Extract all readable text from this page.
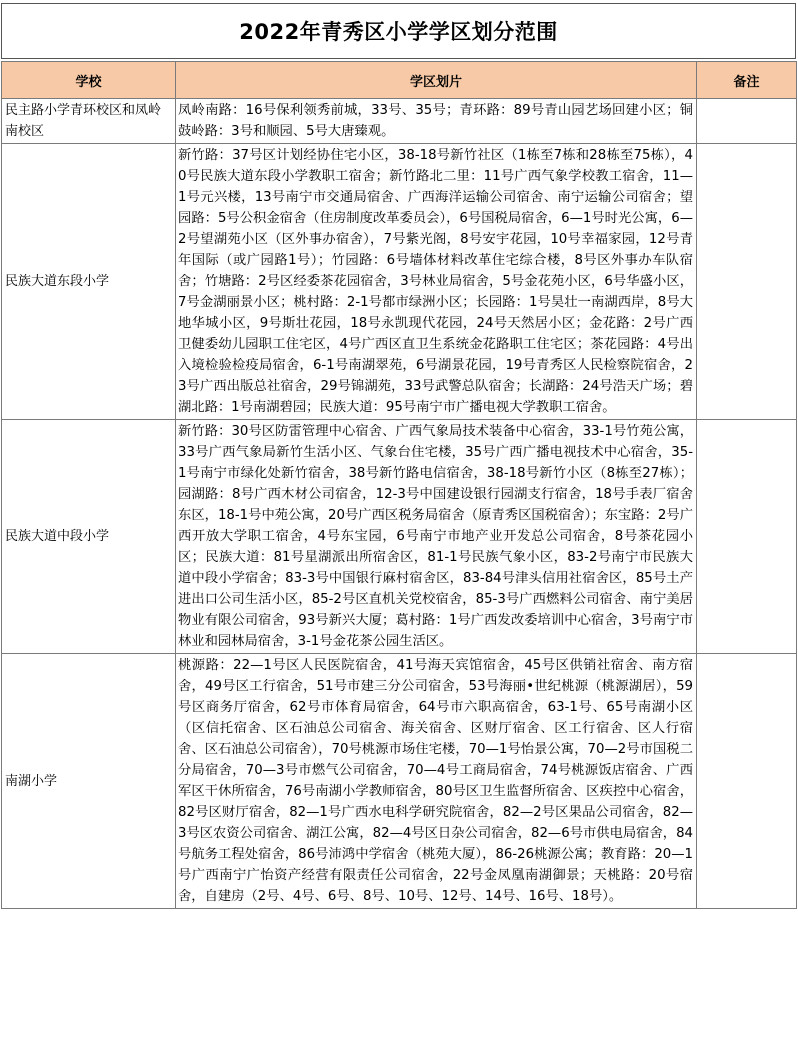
2022年青秀区小学学区划分范围
学校	学区划片	备注
民主路小学青环校区和凤岭南校区	凤岭南路：16号保利领秀前城，33号、35号；青环路：89号青山园艺场回建小区；铜鼓岭路：3号和顺园、5号大唐臻观。	
民族大道东段小学	新竹路：37号区计划经协住宅小区，38-18号新竹社区（1栋至7栋和28栋至75栋），40号民族大道东段小学教职工宿舍；新竹路北二里：11号广西气象学校教工宿舍，11—1号元兴楼，13号南宁市交通局宿舍、广西海洋运输公司宿舍、南宁运输公司宿舍；望园路：5号公积金宿舍（住房制度改革委员会），6号国税局宿舍，6—1号时光公寓，6—2号望湖苑小区（区外事办宿舍），7号紫光阁，8号安宇花园，10号幸福家园，12号青年国际（或广园路1号）；竹园路：6号墙体材料改革住宅综合楼，8号区外事办车队宿舍；竹塘路：2号区经委茶花园宿舍，3号林业局宿舍，5号金花苑小区，6号华盛小区，7号金湖丽景小区；桃村路：2-1号都市绿洲小区；长园路：1号昊壮一南湖西岸，8号大地华城小区，9号斯壮花园，18号永凯现代花园，24号天然居小区；金花路：2号广西卫健委幼儿园职工住宅区，4号广西区直卫生系统金花路职工住宅区；茶花园路：4号出入境检验检疫局宿舍，6-1号南湖翠苑，6号湖景花园，19号青秀区人民检察院宿舍，23号广西出版总社宿舍，29号锦湖苑，33号武警总队宿舍；长湖路：24号浩天广场；碧湖北路：1号南湖碧园；民族大道：95号南宁市广播电视大学教职工宿舍。	
民族大道中段小学	新竹路：30号区防雷管理中心宿舍、广西气象局技术装备中心宿舍，33-1号竹苑公寓，33号广西气象局新竹生活小区、气象台住宅楼，35号广西广播电视技术中心宿舍，35-1号南宁市绿化处新竹宿舍，38号新竹路电信宿舍，38-18号新竹小区（8栋至27栋）；园湖路：8号广西木材公司宿舍，12-3号中国建设银行园湖支行宿舍，18号手表厂宿舍东区，18-1号中苑公寓，20号广西区税务局宿舍（原青秀区国税宿舍）；东宝路：2号广西开放大学职工宿舍，4号东宝园，6号南宁市地产业开发总公司宿舍，8号茶花园小区；民族大道：81号星湖派出所宿舍区，81-1号民族气象小区，83-2号南宁市民族大道中段小学宿舍；83-3号中国银行麻村宿舍区，83-84号津头信用社宿舍区，85号土产进出口公司生活小区，85-2号区直机关党校宿舍，85-3号广西燃料公司宿舍、南宁美居物业有限公司宿舍，93号新兴大厦；葛村路：1号广西发改委培训中心宿舍，3号南宁市林业和园林局宿舍，3-1号金花茶公园生活区。	
南湖小学	桃源路：22—1号区人民医院宿舍，41号海天宾馆宿舍，45号区供销社宿舍、南方宿舍，49号区工行宿舍，51号市建三分公司宿舍，53号海丽•世纪桃源（桃源湖居），59号区商务厅宿舍，62号市体育局宿舍，64号市六职高宿舍，63-1号、65号南湖小区（区信托宿舍、区石油总公司宿舍、海关宿舍、区财厅宿舍、区工行宿舍、区人行宿舍、区石油总公司宿舍），70号桃源市场住宅楼，70—1号怡景公寓，70—2号市国税二分局宿舍，70—3号市燃气公司宿舍，70—4号工商局宿舍，74号桃源饭店宿舍、广西军区干休所宿舍，76号南湖小学教师宿舍，80号区卫生监督所宿舍、区疾控中心宿舍，82号区财厅宿舍，82—1号广西水电科学研究院宿舍，82—2号区果品公司宿舍，82—3号区农资公司宿舍、湖江公寓，82—4号区日杂公司宿舍，82—6号市供电局宿舍，84号航务工程处宿舍，86号沛鸿中学宿舍（桃苑大厦），86-26桃源公寓；教育路：20—1号广西南宁广怡资产经营有限责任公司宿舍，22号金凤凰南湖御景；天桃路：20号宿舍，自建房（2号、4号、6号、8号、10号、12号、14号、16号、18号）。	
